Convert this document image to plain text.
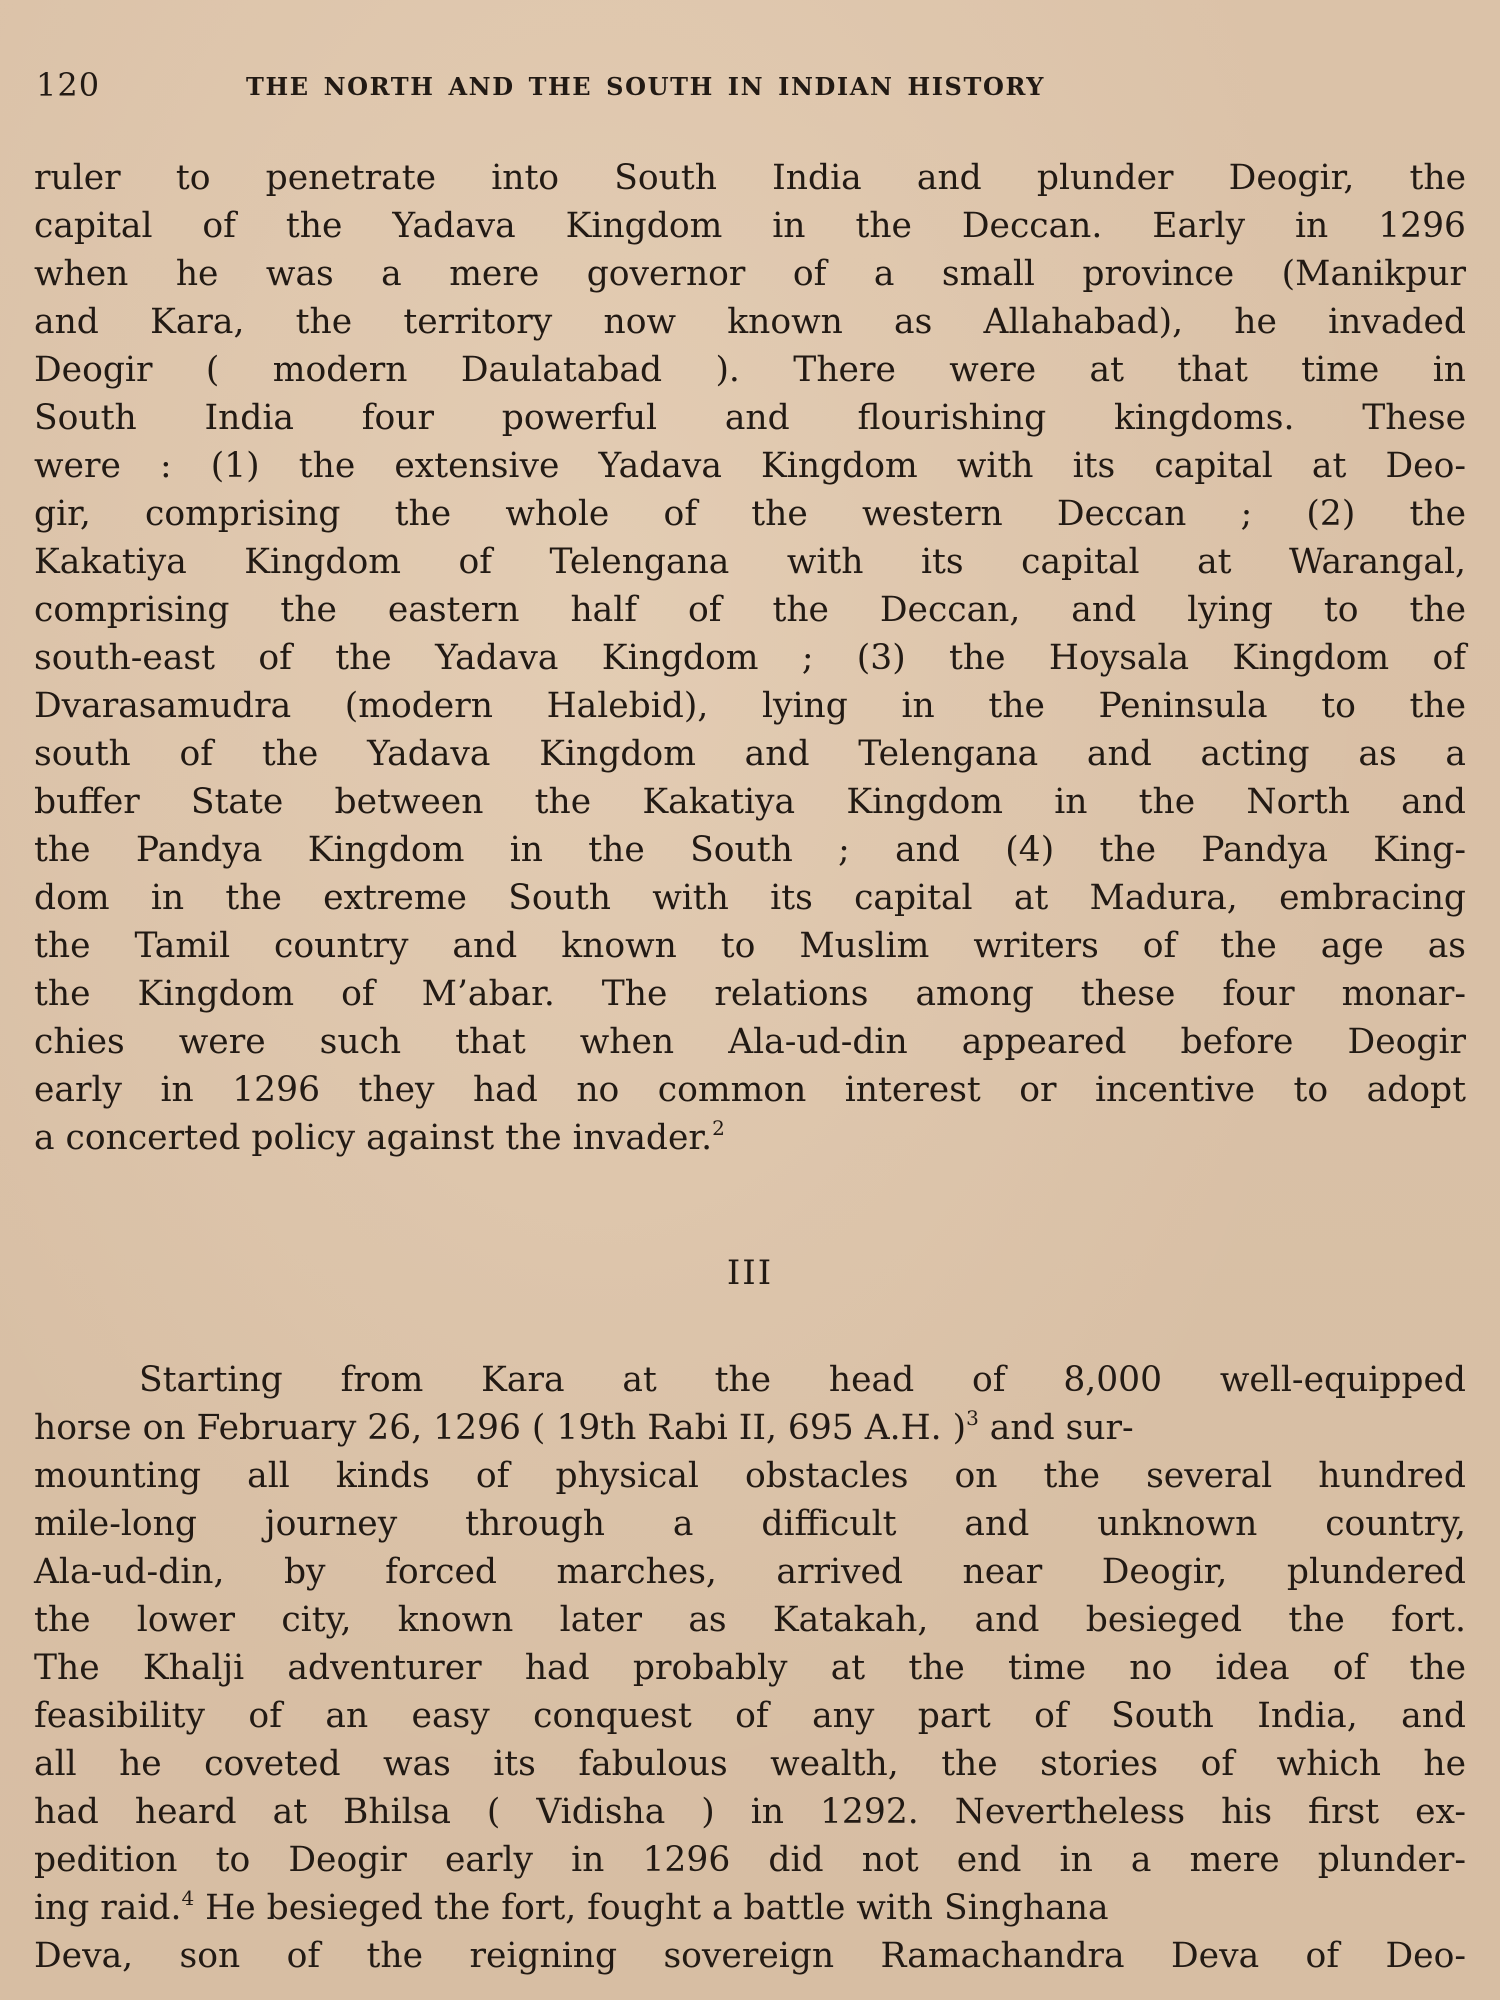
120	THE NORTH AND THE SOUTH IN INDIAN HISTORY
ruler to penetrate into South India and plunder Deogir, the
capital of the Yadava Kingdom in the Deccan. Early in 1296
when he was a mere governor of a small province (Manikpur
and Kara, the territory now known as Allahabad), he invaded
Deogir ( modern Daulatabad ). There were at that time in
South India four powerful and flourishing kingdoms. These
were : (1) the extensive Yadava Kingdom with its capital at Deo-
gir, comprising the whole of the western Deccan ; (2) the
Kakatiya Kingdom of Telengana with its capital at Warangal,
comprising the eastern half of the Deccan, and lying to the
south-east of the Yadava Kingdom ; (3) the Hoysala Kingdom of
Dvarasamudra (modern Halebid), lying in the Peninsula to the
south of the Yadava Kingdom and Telengana and acting as a
buffer State between the Kakatiya Kingdom in the North and
the Pandya Kingdom in the South ; and (4) the Pandya King-
dom in the extreme South with its capital at Madura, embracing
the Tamil country and known to Muslim writers of the age as
the Kingdom of M’abar. The relations among these four monar-
chies were such that when Ala-ud-din appeared before Deogir
early in 1296 they had no common interest or incentive to adopt
a concerted policy against the invader.$^2$
III
Starting from Kara at the head of 8,000 well-equipped
horse on February 26, 1296 ( 19th Rabi II, 695 A.H. )$^3$ and sur-
mounting all kinds of physical obstacles on the several hundred
mile-long journey through a difficult and unknown country,
Ala-ud-din, by forced marches, arrived near Deogir, plundered
the lower city, known later as Katakah, and besieged the fort.
The Khalji adventurer had probably at the time no idea of the
feasibility of an easy conquest of any part of South India, and
all he coveted was its fabulous wealth, the stories of which he
had heard at Bhilsa ( Vidisha ) in 1292. Nevertheless his first ex-
pedition to Deogir early in 1296 did not end in a mere plunder-
ing raid.$^4$ He besieged the fort, fought a battle with Singhana
Deva, son of the reigning sovereign Ramachandra Deva of Deo-
